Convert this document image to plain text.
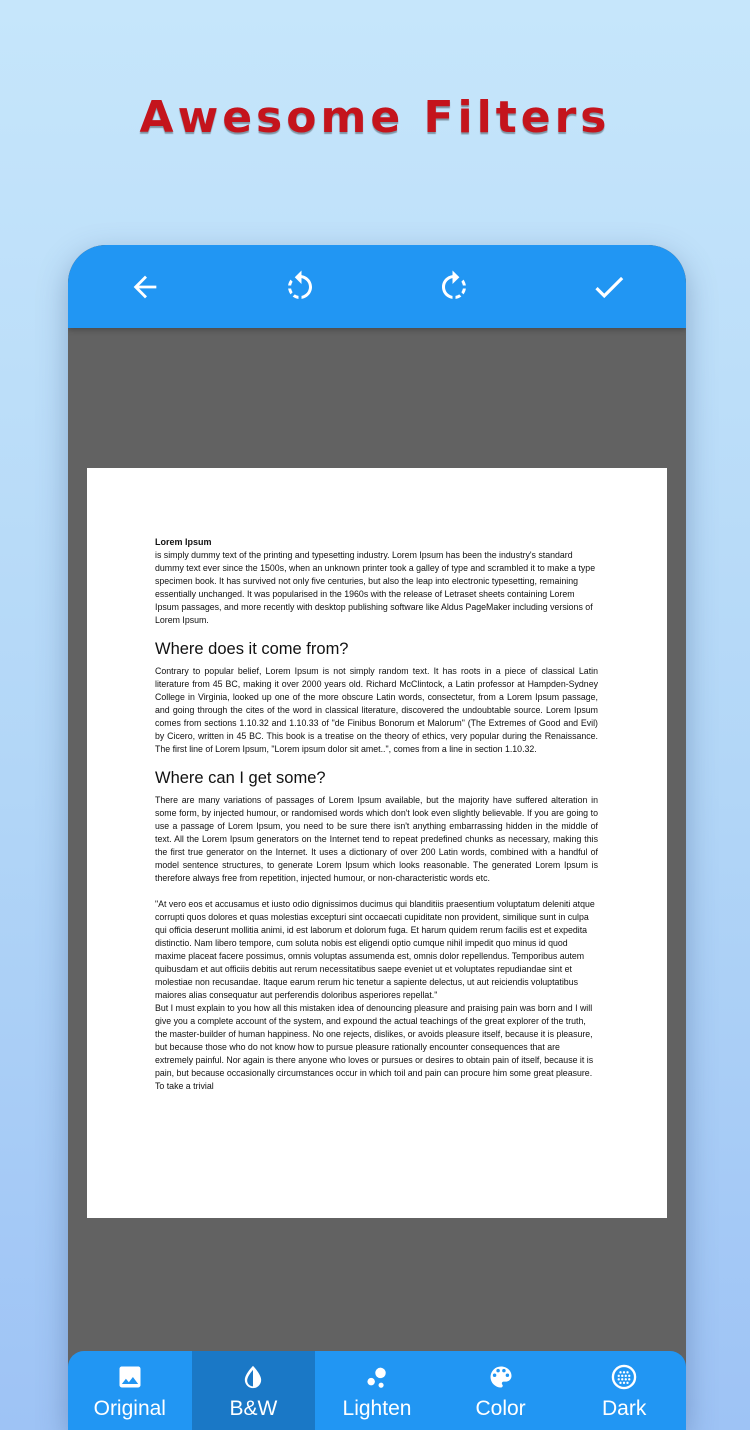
Awesome Filters
Lorem Ipsum

is simply dummy text of the printing and typesetting industry. Lorem Ipsum has been the industry's standard dummy text ever since the 1500s, when an unknown printer took a galley of type and scrambled it to make a type specimen book. It has survived not only five centuries, but also the leap into electronic typesetting, remaining essentially unchanged. It was popularised in the 1960s with the release of Letraset sheets containing Lorem Ipsum passages, and more recently with desktop publishing software like Aldus PageMaker including versions of Lorem Ipsum.

Where does it come from?

Contrary to popular belief, Lorem Ipsum is not simply random text. It has roots in a piece of classical Latin literature from 45 BC, making it over 2000 years old. Richard McClintock, a Latin professor at Hampden-Sydney College in Virginia, looked up one of the more obscure Latin words, consectetur, from a Lorem Ipsum passage, and going through the cites of the word in classical literature, discovered the undoubtable source. Lorem Ipsum comes from sections 1.10.32 and 1.10.33 of "de Finibus Bonorum et Malorum" (The Extremes of Good and Evil) by Cicero, written in 45 BC. This book is a treatise on the theory of ethics, very popular during the Renaissance. The first line of Lorem Ipsum, "Lorem ipsum dolor sit amet..", comes from a line in section 1.10.32.

Where can I get some?

There are many variations of passages of Lorem Ipsum available, but the majority have suffered alteration in some form, by injected humour, or randomised words which don't look even slightly believable. If you are going to use a passage of Lorem Ipsum, you need to be sure there isn't anything embarrassing hidden in the middle of text. All the Lorem Ipsum generators on the Internet tend to repeat predefined chunks as necessary, making this the first true generator on the Internet. It uses a dictionary of over 200 Latin words, combined with a handful of model sentence structures, to generate Lorem Ipsum which looks reasonable. The generated Lorem Ipsum is therefore always free from repetition, injected humour, or non-characteristic words etc.

"At vero eos et accusamus et iusto odio dignissimos ducimus qui blanditiis praesentium voluptatum deleniti atque corrupti quos dolores et quas molestias excepturi sint occaecati cupiditate non provident, similique sunt in culpa qui officia deserunt mollitia animi, id est laborum et dolorum fuga. Et harum quidem rerum facilis est et expedita distinctio. Nam libero tempore, cum soluta nobis est eligendi optio cumque nihil impedit quo minus id quod maxime placeat facere possimus, omnis voluptas assumenda est, omnis dolor repellendus. Temporibus autem quibusdam et aut officiis debitis aut rerum necessitatibus saepe eveniet ut et voluptates repudiandae sint et molestiae non recusandae. Itaque earum rerum hic tenetur a sapiente delectus, ut aut reiciendis voluptatibus maiores alias consequatur aut perferendis doloribus asperiores repellat."

But I must explain to you how all this mistaken idea of denouncing pleasure and praising pain was born and I will give you a complete account of the system, and expound the actual teachings of the great explorer of the truth, the master-builder of human happiness. No one rejects, dislikes, or avoids pleasure itself, because it is pleasure, but because those who do not know how to pursue pleasure rationally encounter consequences that are extremely painful. Nor again is there anyone who loves or pursues or desires to obtain pain of itself, because it is pain, but because occasionally circumstances occur in which toil and pain can procure him some great pleasure. To take a trivial

Original	B&W	Lighten	Color	Dark
